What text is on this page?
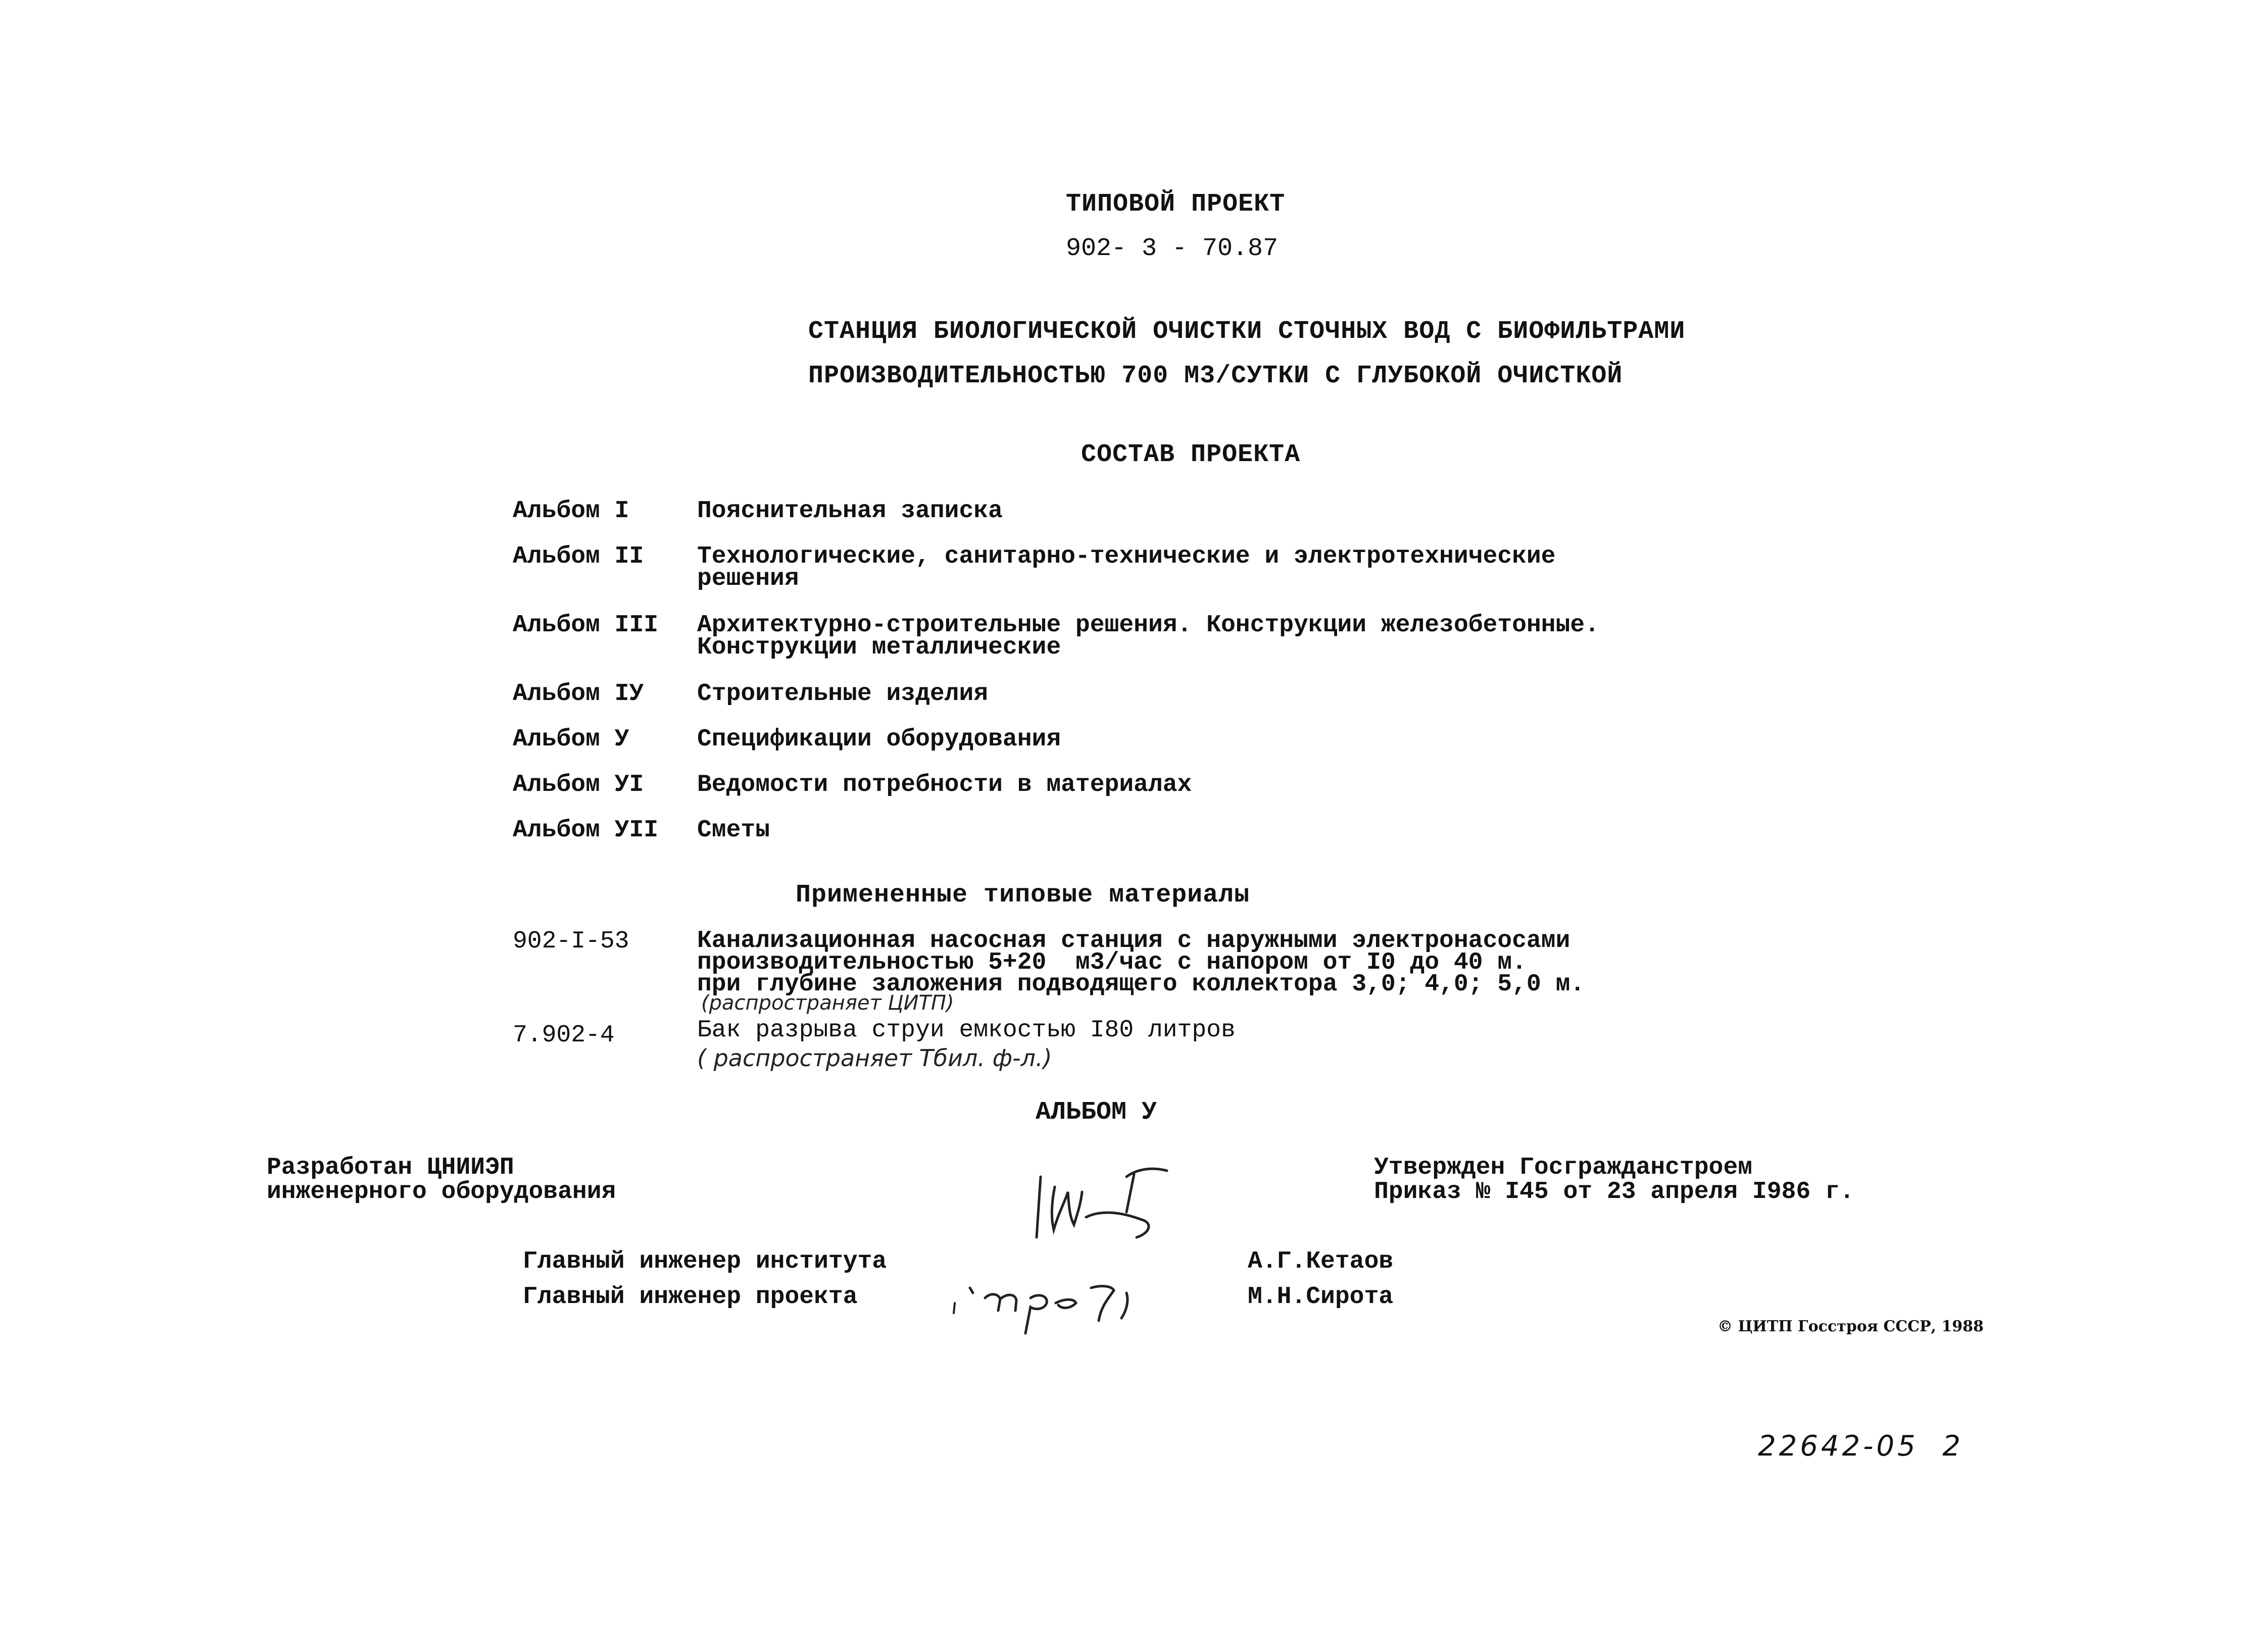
ТИПОВОЙ ПРОЕКТ
902- 3 - 70.87
СТАНЦИЯ БИОЛОГИЧЕСКОЙ ОЧИСТКИ СТОЧНЫХ ВОД С БИОФИЛЬТРАМИ
ПРОИЗВОДИТЕЛЬНОСТЬЮ 700 М3/СУТКИ С ГЛУБОКОЙ ОЧИСТКОЙ
СОСТАВ ПРОЕКТА
Альбом I	Пояснительная записка
Альбом II Технологические, санитарно-технические и электротехнические
решения
Альбом III Архитектурно-строительные решения. Конструкции железобетонные.
Конструкции металлические
Альбом IУ Строительные изделия
Альбом У	Спецификации оборудования
Альбом УI Ведомости потребности в материалах
Альбом УII Сметы
Примененные типовые материалы
902-I-53	Канализационная насосная станция с наружными электронасосами
производительностью 5+20  м3/час с напором от I0 до 40 м.
при глубине заложения подводящего коллектора 3,0; 4,0; 5,0 м.
(распространяет ЦИТП)
7.902-4	Бак разрыва струи емкостью I80 литров
( распространяет Тбил. ф-л.)
АЛЬБОМ У
Разработан ЦНИИЭП
инженерного оборудования
Утвержден Госгражданстроем
Приказ № I45 от 23 апреля I986 г.
Главный инженер института	А.Г.Кетаов
Главный инженер проекта	М.Н.Сирота
© ЦИТП Госстроя СССР, 1988
22642-05  2
